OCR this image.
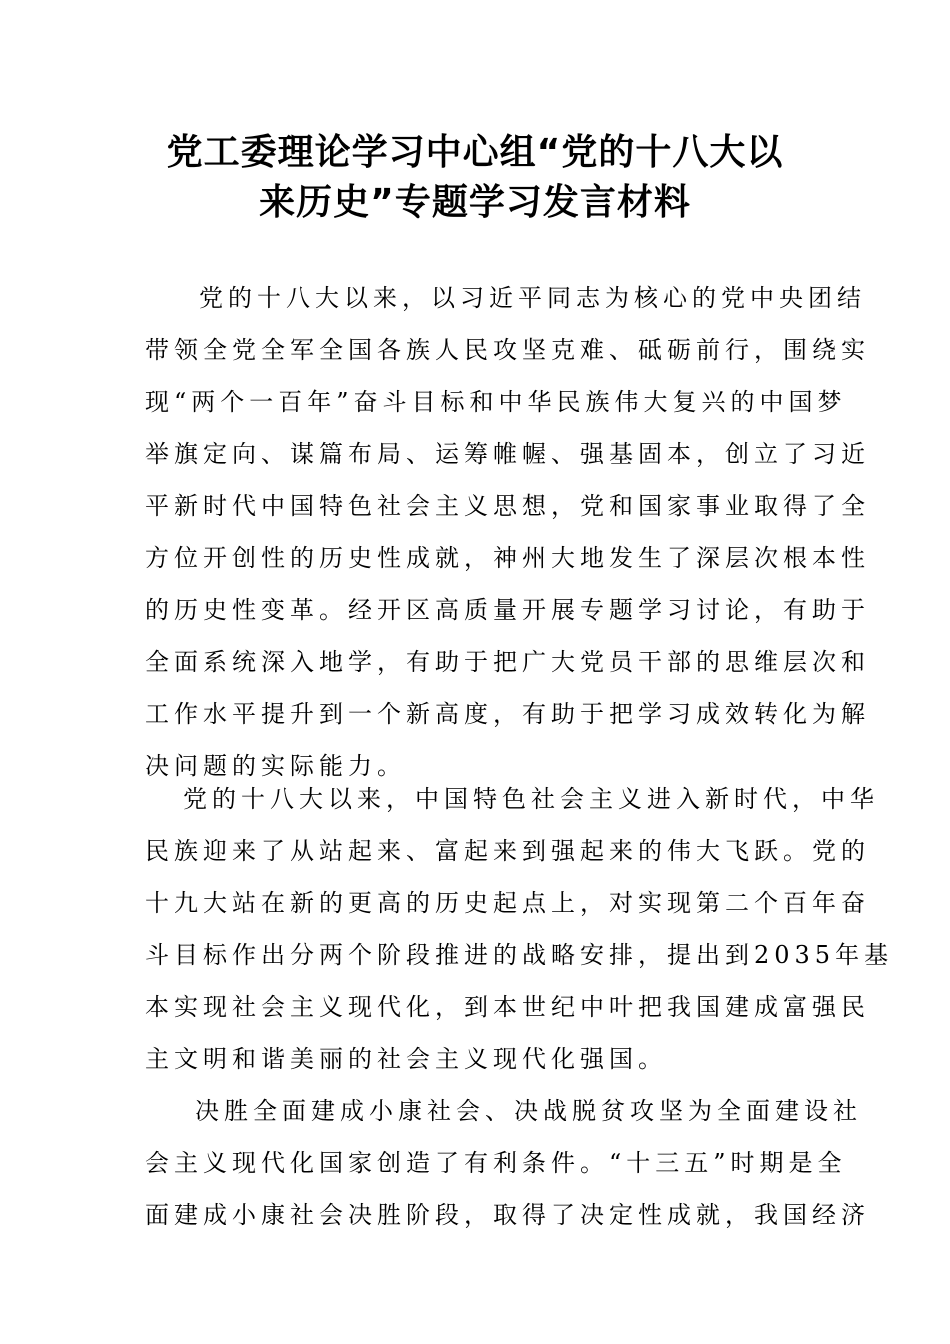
党工委理论学习中心组“党的十八大以
来历史”专题学习发言材料
党的十八大以来，以习近平同志为核心的党中央团结
带领全党全军全国各族人民攻坚克难、砥砺前行，围绕实
现“两个一百年”奋斗目标和中华民族伟大复兴的中国梦
举旗定向、谋篇布局、运筹帷幄、强基固本，创立了习近
平新时代中国特色社会主义思想，党和国家事业取得了全
方位开创性的历史性成就，神州大地发生了深层次根本性
的历史性变革。经开区高质量开展专题学习讨论，有助于
全面系统深入地学，有助于把广大党员干部的思维层次和
工作水平提升到一个新高度，有助于把学习成效转化为解
决问题的实际能力。
党的十八大以来，中国特色社会主义进入新时代，中华
民族迎来了从站起来、富起来到强起来的伟大飞跃。党的
十九大站在新的更高的历史起点上，对实现第二个百年奋
斗目标作出分两个阶段推进的战略安排，提出到2035年基
本实现社会主义现代化，到本世纪中叶把我国建成富强民
主文明和谐美丽的社会主义现代化强国。
决胜全面建成小康社会、决战脱贫攻坚为全面建设社
会主义现代化国家创造了有利条件。“十三五”时期是全
面建成小康社会决胜阶段，取得了决定性成就，我国经济
